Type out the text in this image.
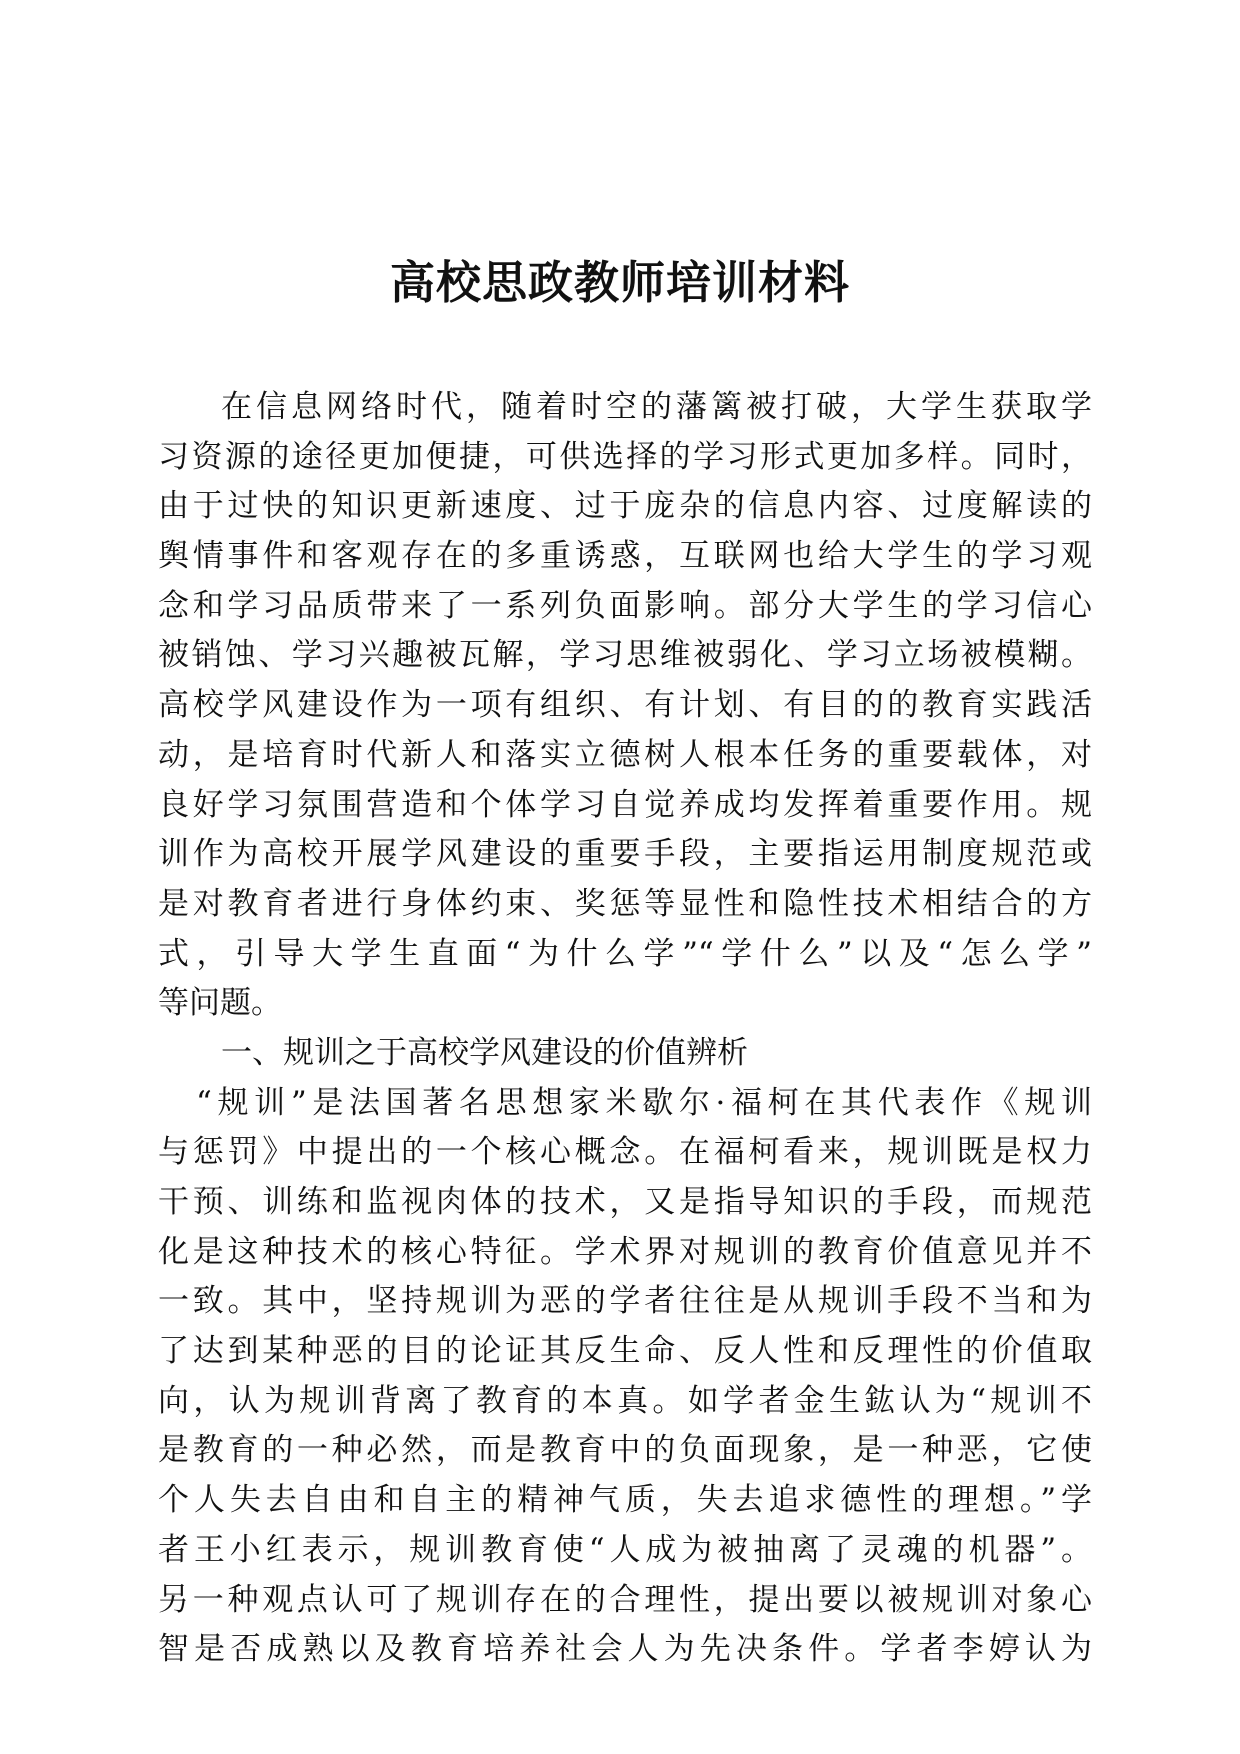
高校思政教师培训材料
在信息网络时代，随着时空的藩篱被打破，大学生获取学
习资源的途径更加便捷，可供选择的学习形式更加多样。同时，
由于过快的知识更新速度、过于庞杂的信息内容、过度解读的
舆情事件和客观存在的多重诱惑，互联网也给大学生的学习观
念和学习品质带来了一系列负面影响。部分大学生的学习信心
被销蚀、学习兴趣被瓦解，学习思维被弱化、学习立场被模糊。
高校学风建设作为一项有组织、有计划、有目的的教育实践活
动，是培育时代新人和落实立德树人根本任务的重要载体，对
良好学习氛围营造和个体学习自觉养成均发挥着重要作用。规
训作为高校开展学风建设的重要手段，主要指运用制度规范或
是对教育者进行身体约束、奖惩等显性和隐性技术相结合的方
式，引导大学生直面“为什么学”“学什么”以及“怎么学”
等问题。
一、规训之于高校学风建设的价值辨析
“规训”是法国著名思想家米歇尔·福柯在其代表作《规训
与惩罚》中提出的一个核心概念。在福柯看来，规训既是权力
干预、训练和监视肉体的技术，又是指导知识的手段，而规范
化是这种技术的核心特征。学术界对规训的教育价值意见并不
一致。其中，坚持规训为恶的学者往往是从规训手段不当和为
了达到某种恶的目的论证其反生命、反人性和反理性的价值取
向，认为规训背离了教育的本真。如学者金生鈜认为“规训不
是教育的一种必然，而是教育中的负面现象，是一种恶，它使
个人失去自由和自主的精神气质，失去追求德性的理想。”学
者王小红表示，规训教育使“人成为被抽离了灵魂的机器”。
另一种观点认可了规训存在的合理性，提出要以被规训对象心
智是否成熟以及教育培养社会人为先决条件。学者李婷认为
